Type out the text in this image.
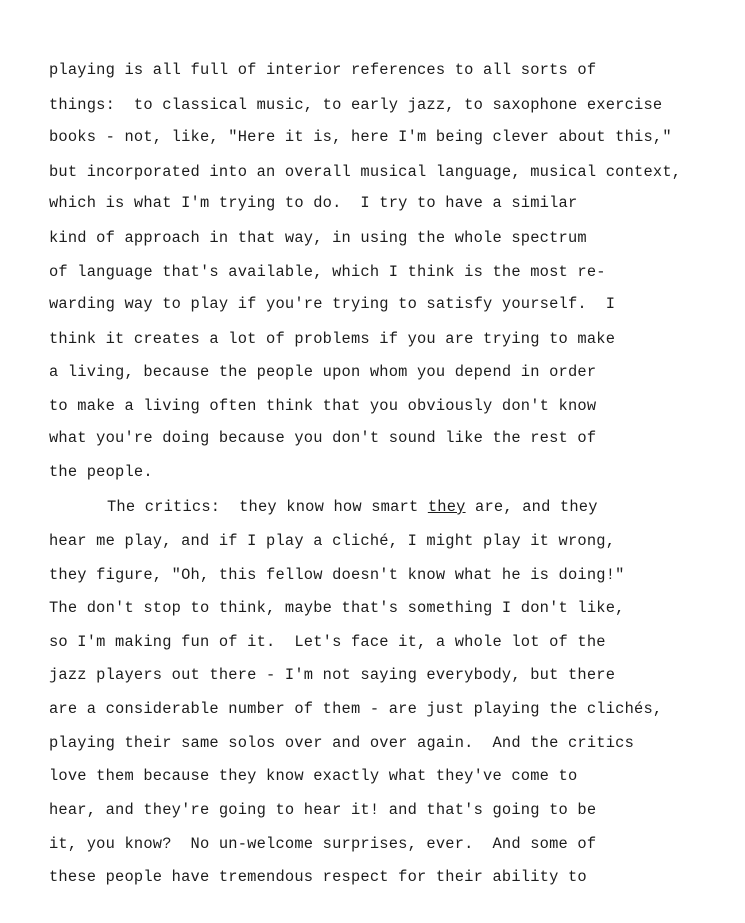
playing is all full of interior references to all sorts of
things:  to classical music, to early jazz, to saxophone exercise
books - not, like, "Here it is, here I'm being clever about this,"
but incorporated into an overall musical language, musical context,
which is what I'm trying to do.  I try to have a similar
kind of approach in that way, in using the whole spectrum
of language that's available, which I think is the most re-
warding way to play if you're trying to satisfy yourself.  I
think it creates a lot of problems if you are trying to make
a living, because the people upon whom you depend in order
to make a living often think that you obviously don't know
what you're doing because you don't sound like the rest of
the people.
The critics:  they know how smart they are, and they
hear me play, and if I play a cliché, I might play it wrong,
they figure, "Oh, this fellow doesn't know what he is doing!"
The don't stop to think, maybe that's something I don't like,
so I'm making fun of it.  Let's face it, a whole lot of the
jazz players out there - I'm not saying everybody, but there
are a considerable number of them - are just playing the clichés,
playing their same solos over and over again.  And the critics
love them because they know exactly what they've come to
hear, and they're going to hear it! and that's going to be
it, you know?  No un-welcome surprises, ever.  And some of
these people have tremendous respect for their ability to
